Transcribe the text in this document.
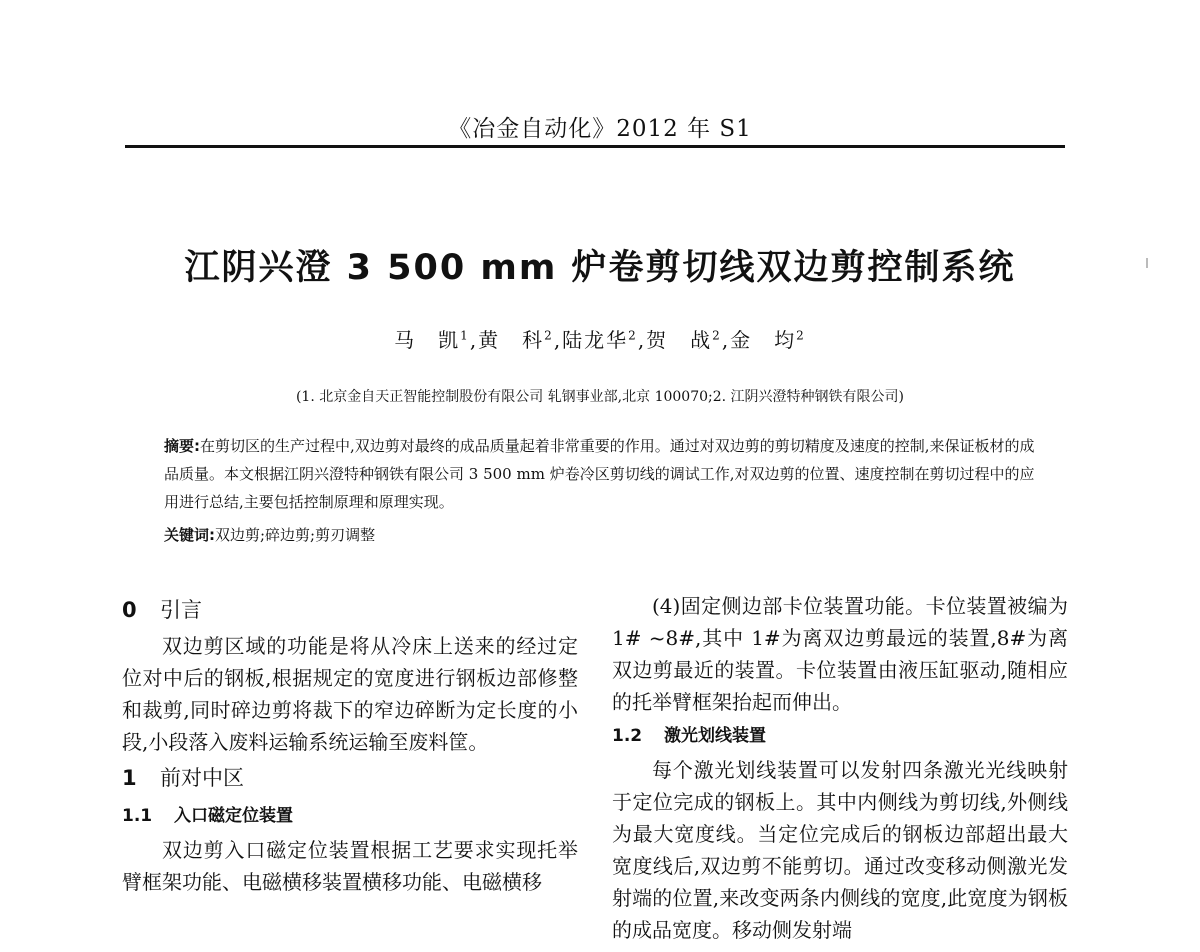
《冶金自动化》2012 年 S1
江阴兴澄 3 500 mm 炉卷剪切线双边剪控制系统
马　凯$^1$,黄　科$^2$,陆龙华$^2$,贺　战$^2$,金　均$^2$
(1. 北京金自天正智能控制股份有限公司 轧钢事业部,北京 100070;2. 江阴兴澄特种钢铁有限公司)
摘要:在剪切区的生产过程中,双边剪对最终的成品质量起着非常重要的作用。通过对双边剪的剪切精度及速度的控制,来保证板材的成品质量。本文根据江阴兴澄特种钢铁有限公司 3 500 mm 炉卷冷区剪切线的调试工作,对双边剪的位置、速度控制在剪切过程中的应用进行总结,主要包括控制原理和原理实现。
关键词:双边剪;碎边剪;剪刃调整
0 引言

双边剪区域的功能是将从冷床上送来的经过定位对中后的钢板,根据规定的宽度进行钢板边部修整和裁剪,同时碎边剪将裁下的窄边碎断为定长度的小段,小段落入废料运输系统运输至废料筐。

1 前对中区
1.1 入口磁定位装置

双边剪入口磁定位装置根据工艺要求实现托举臂框架功能、电磁横移装置横移功能、电磁横移

(4)固定侧边部卡位装置功能。卡位装置被编为 1# ~8#,其中 1#为离双边剪最远的装置,8#为离双边剪最近的装置。卡位装置由液压缸驱动,随相应的托举臂框架抬起而伸出。

1.2 激光划线装置

每个激光划线装置可以发射四条激光光线映射于定位完成的钢板上。其中内侧线为剪切线,外侧线为最大宽度线。当定位完成后的钢板边部超出最大宽度线后,双边剪不能剪切。通过改变移动侧激光发射端的位置,来改变两条内侧线的宽度,此宽度为钢板的成品宽度。移动侧发射端
